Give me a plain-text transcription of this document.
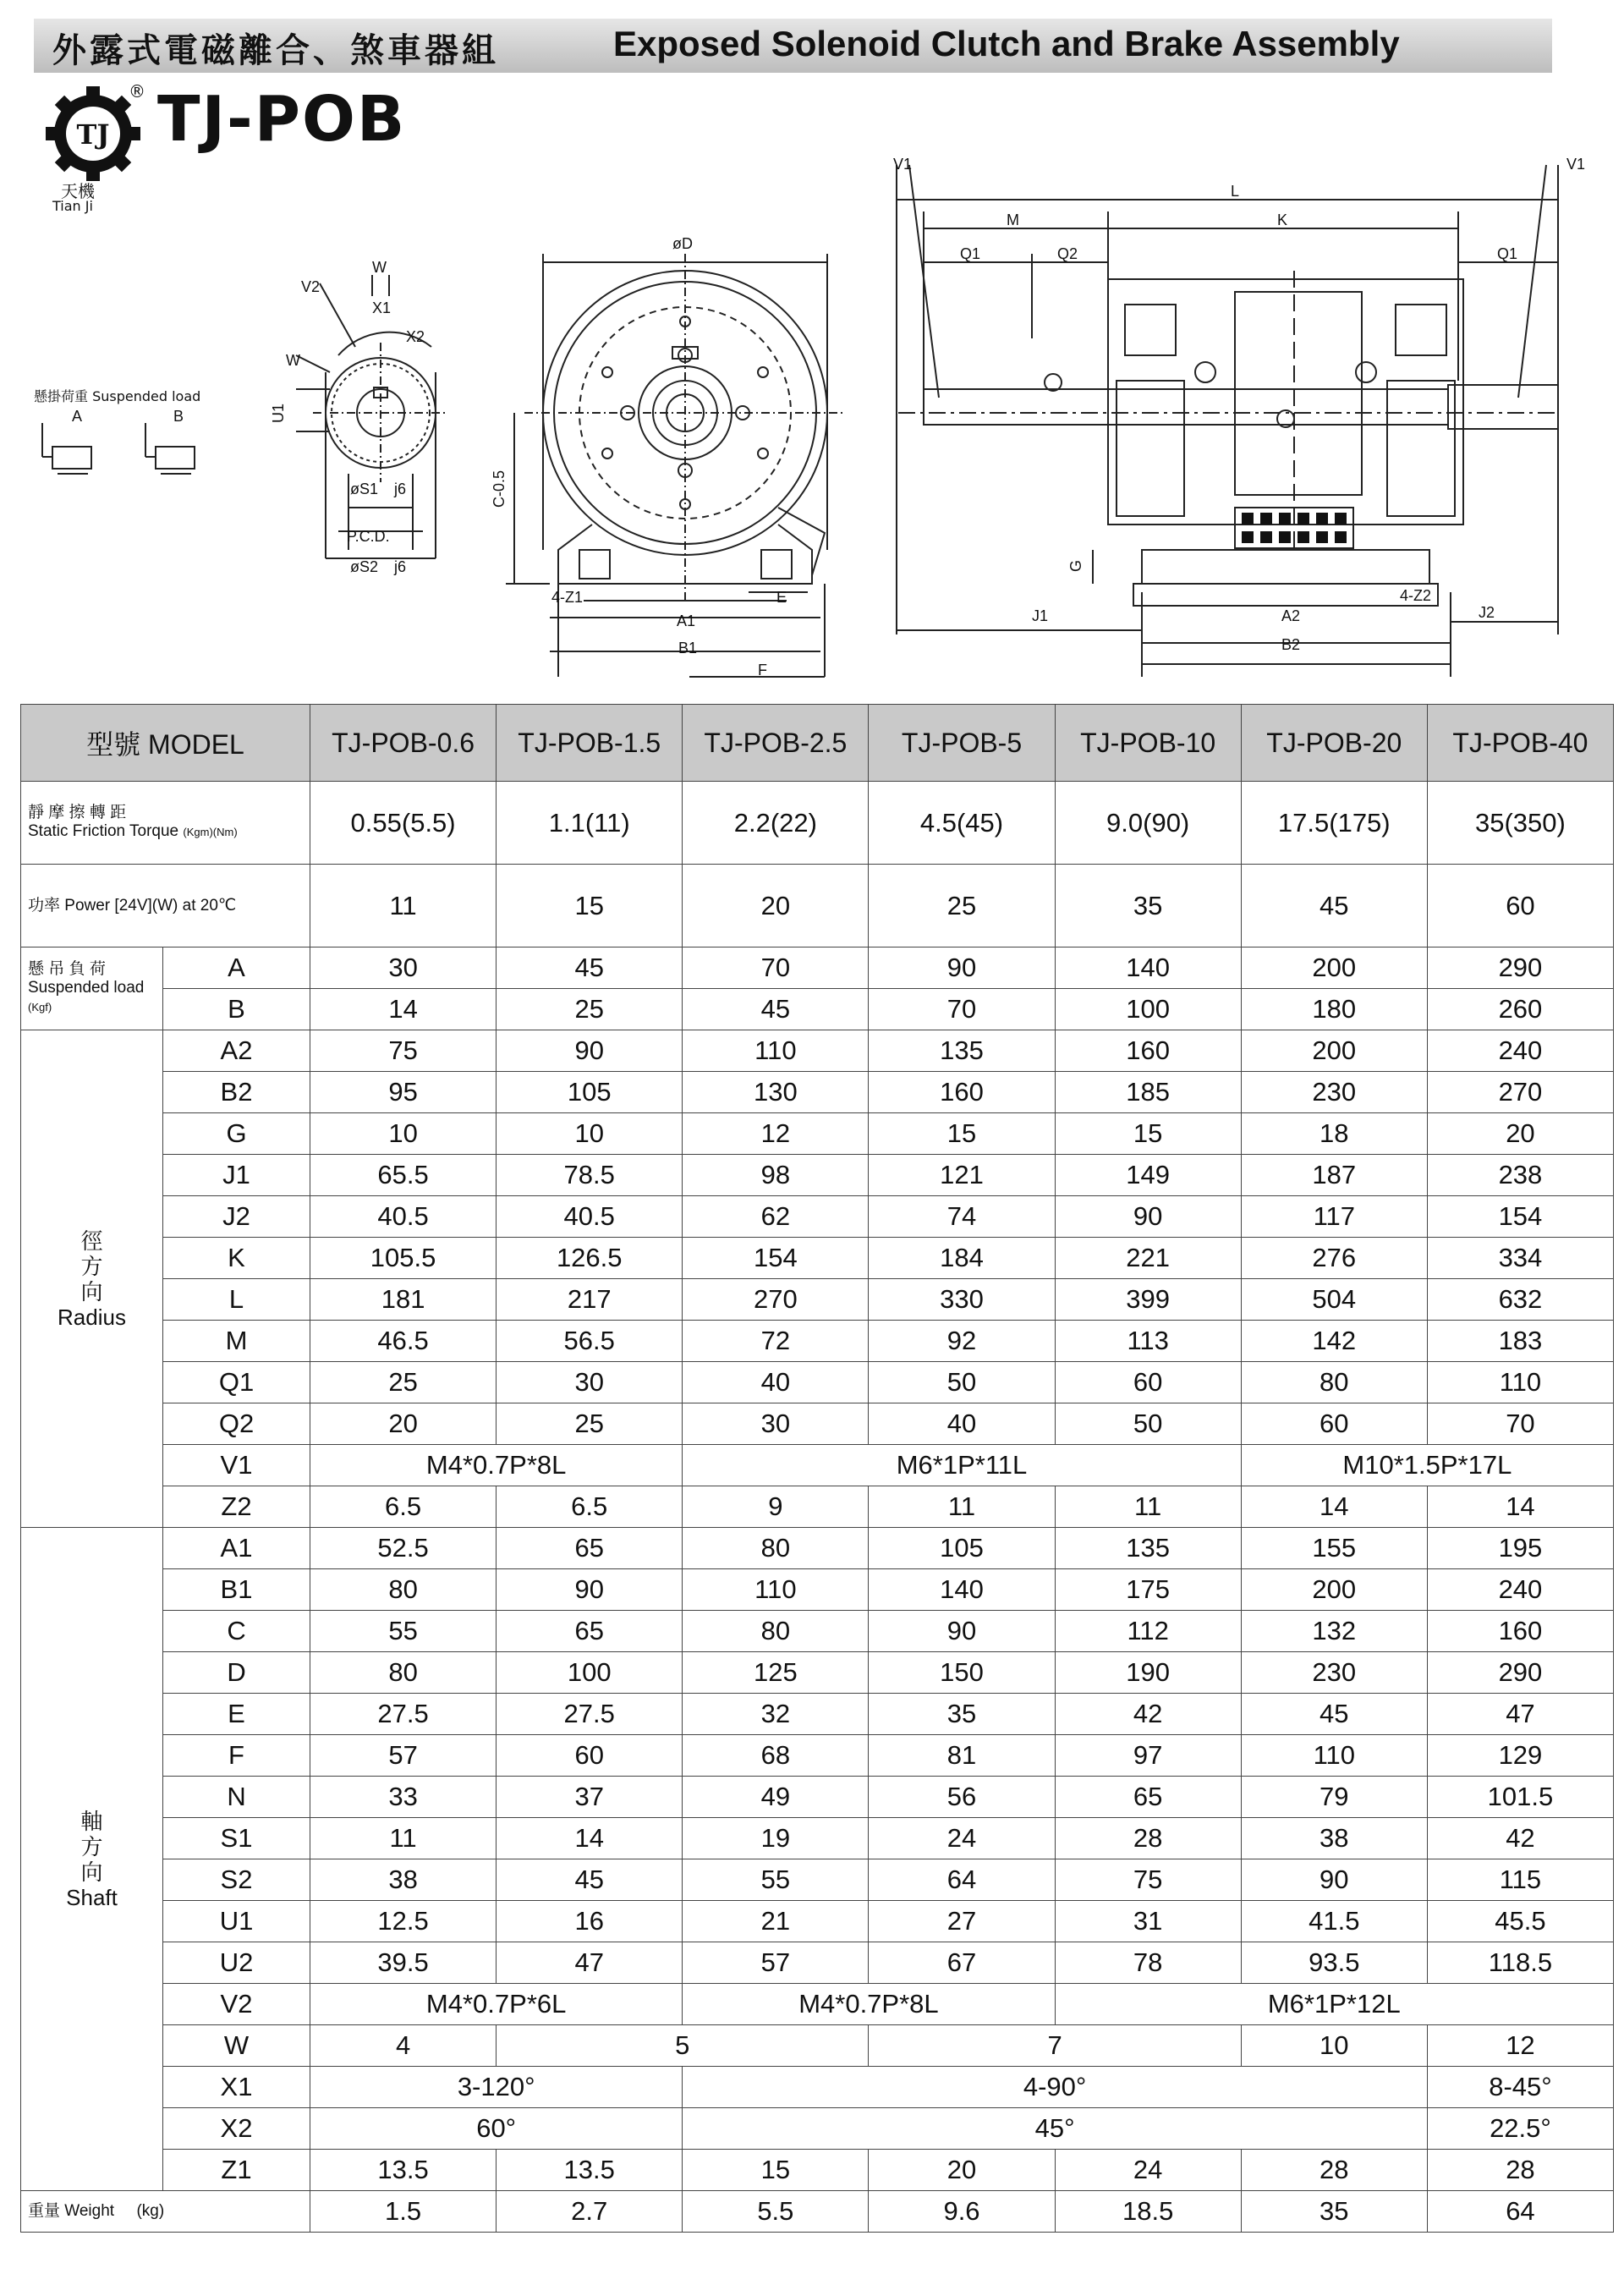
外露式電磁離合、煞車器組	Exposed Solenoid Clutch and Brake Assembly
TJ
® TJ-POB
天機
Tian Ji
懸掛荷重 Suspended load
A	B
W
X1
X2
V2
W
U1
øS1 j6
P.C.D.
øS2 j6
øD
C-0.5
4-Z1
A1
B1
E
F
V1	V1
L
M	K
Q1	Q2	Q1
G
J1	A2
B2
4-Z2
J2
型號 MODEL		TJ-POB-0.6	TJ-POB-1.5	TJ-POB-2.5	TJ-POB-5	TJ-POB-10	TJ-POB-20	TJ-POB-40

靜 摩 擦 轉 距
Static Friction Torque (Kgm)(Nm)		0.55(5.5)	1.1(11)	2.2(22)	4.5(45)	9.0(90)	17.5(175)	35(350)
功率 Power [24V](W) at 20℃		11	15	20	25	35	45	60

懸 吊 負 荷
Suspended load (Kgf)	A	30	45	70	90	140	200	290
	B	14	25	45	70	100	180	260

徑
方
向
Radius	A2	75	90	110	135	160	200	240
	B2	95	105	130	160	185	230	270
	G	10	10	12	15	15	18	20
	J1	65.5	78.5	98	121	149	187	238
	J2	40.5	40.5	62	74	90	117	154
	K	105.5	126.5	154	184	221	276	334
	L	181	217	270	330	399	504	632
	M	46.5	56.5	72	92	113	142	183
	Q1	25	30	40	50	60	80	110
	Q2	20	25	30	40	50	60	70
	V1	M4*0.7P*8L		M6*1P*11L			M10*1.5P*17L	
	Z2	6.5	6.5	9	11	11	14	14

軸
方
向
Shaft	A1	52.5	65	80	105	135	155	195
	B1	80	90	110	140	175	200	240
	C	55	65	80	90	112	132	160
	D	80	100	125	150	190	230	290
	E	27.5	27.5	32	35	42	45	47
	F	57	60	68	81	97	110	129
	N	33	37	49	56	65	79	101.5
	S1	11	14	19	24	28	38	42
	S2	38	45	55	64	75	90	115
	U1	12.5	16	21	27	31	41.5	45.5
	U2	39.5	47	57	67	78	93.5	118.5
	V2	M4*0.7P*6L		M4*0.7P*8L		M6*1P*12L		
	W	4	5		7		10	12
	X1	3-120°		4-90°				8-45°
	X2	60°		45°				22.5°
	Z1	13.5	13.5	15	20	24	28	28
重量 Weight (kg)		1.5	2.7	5.5	9.6	18.5	35	64
